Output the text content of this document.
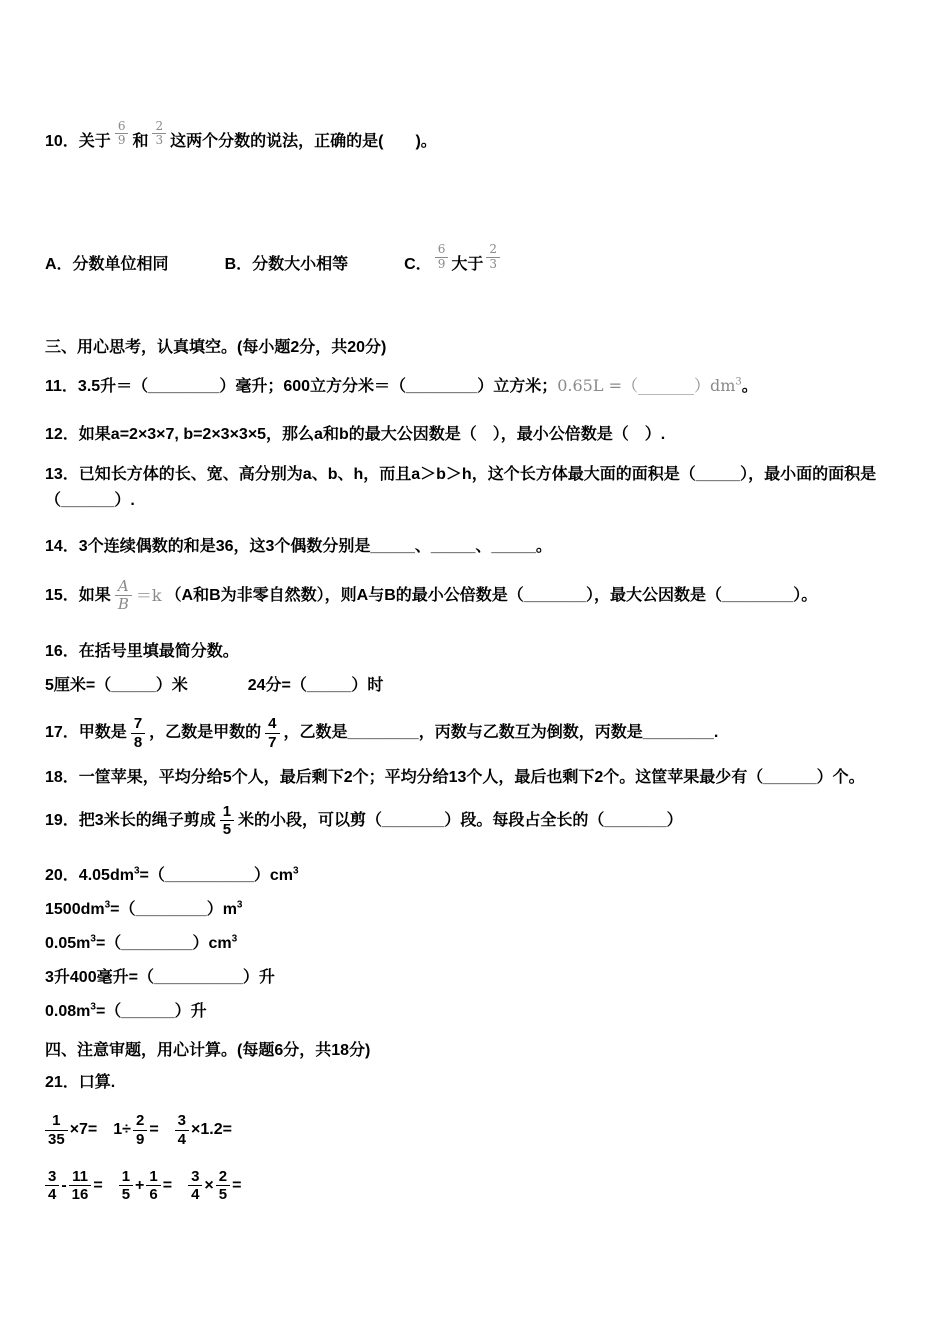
10．关于 $\frac{6}{9}$ 和 $\frac{2}{3}$ 这两个分数的说法，正确的是(　　)。
A．分数单位相同	B．分数大小相等	C． $\frac{6}{9}$ 大于 $\frac{2}{3}$
三、用心思考，认真填空。(每小题2分，共20分)
11．3.5升＝（________）毫升；600立方分米＝（________）立方米；$0.65L =(\_\_\_\_\_\_\_)dm^3$。
12．如果a=2×3×7, b=2×3×3×5，那么a和b的最大公因数是（　），最小公倍数是（　）.
13．已知长方体的长、宽、高分别为a、b、h，而且a＞b＞h，这个长方体最大面的面积是（_____），最小面的面积是（______）.
14．3个连续偶数的和是36，这3个偶数分别是_____、_____、_____。
15．如果 $\frac{A}{B} =k$ （A和B为非零自然数），则A与B的最小公倍数是（_______），最大公因数是（________）。
16．在括号里填最简分数。
5厘米=（_____）米	24分=（_____）时
17．甲数是 $\frac{7}{8}$ ，乙数是甲数的 $\frac{4}{7}$ ，乙数是________，丙数与乙数互为倒数，丙数是________.
18．一筐苹果，平均分给5个人，最后剩下2个；平均分给13个人，最后也剩下2个。这筐苹果最少有（______）个。
19．把3米长的绳子剪成 $\frac{1}{5}$ 米的小段，可以剪（_______）段。每段占全长的（_______）
20．$4.05dm^3=(\_\_\_\_\_\_\_\_\_\_)cm^3$
$1500dm^3=(\_\_\_\_\_\_\_\_)m^3$
$0.05m^3=(\_\_\_\_\_\_\_\_)cm^3$
3升400毫升=（__________）升
$0.08m^3=(\_\_\_\_\_\_)$升
四、注意审题，用心计算。(每题6分，共18分)
21．口算.
$\frac{1}{35} \times 7= 1\div \frac{2}{9} = \frac{3}{4} \times 1.2=$
$\frac{3}{4} - \frac{11}{16} = \frac{1}{5} + \frac{1}{6} = \frac{3}{4} \times \frac{2}{5}$ =
